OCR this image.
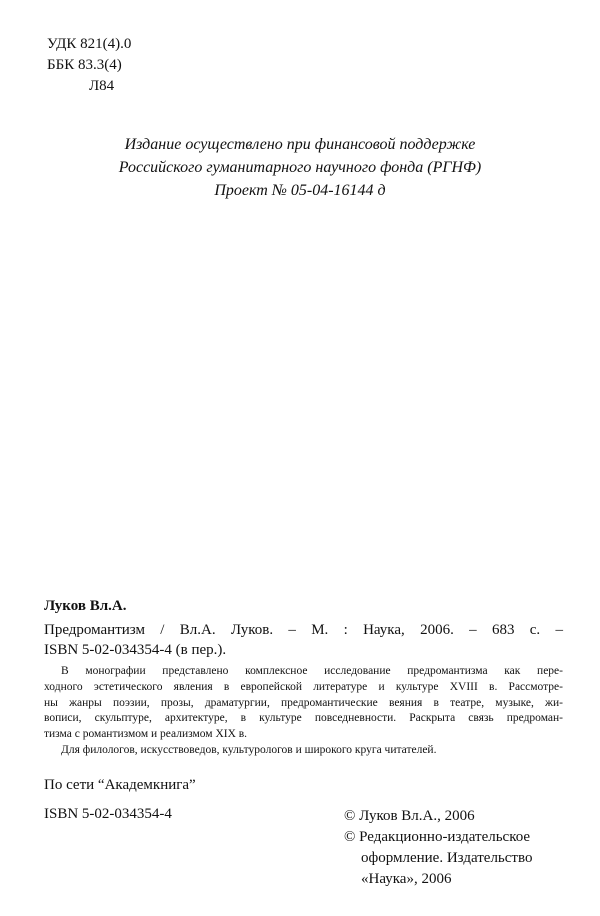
УДК 821(4).0
ББК 83.3(4)
Л84
Издание осуществлено при финансовой поддержке
Российского гуманитарного научного фонда (РГНФ)
Проект № 05-04-16144 д
Луков Вл.А.
Предромантизм / Вл.А. Луков. – М. : Наука, 2006. – 683 с. –
ISBN 5-02-034354-4 (в пер.).
В монографии представлено комплексное исследование предромантизма как пере-
ходного эстетического явления в европейской литературе и культуре XVIII в. Рассмотре-
ны жанры поэзии, прозы, драматургии, предромантические веяния в театре, музыке, жи-
вописи, скульптуре, архитектуре, в культуре повседневности. Раскрыта связь предроман-
тизма с романтизмом и реализмом XIX в.
Для филологов, искусствоведов, культурологов и широкого круга читателей.
По сети “Академкнига”
ISBN 5-02-034354-4	© Луков Вл.А., 2006
© Редакционно-издательское
оформление. Издательство
«Наука», 2006
